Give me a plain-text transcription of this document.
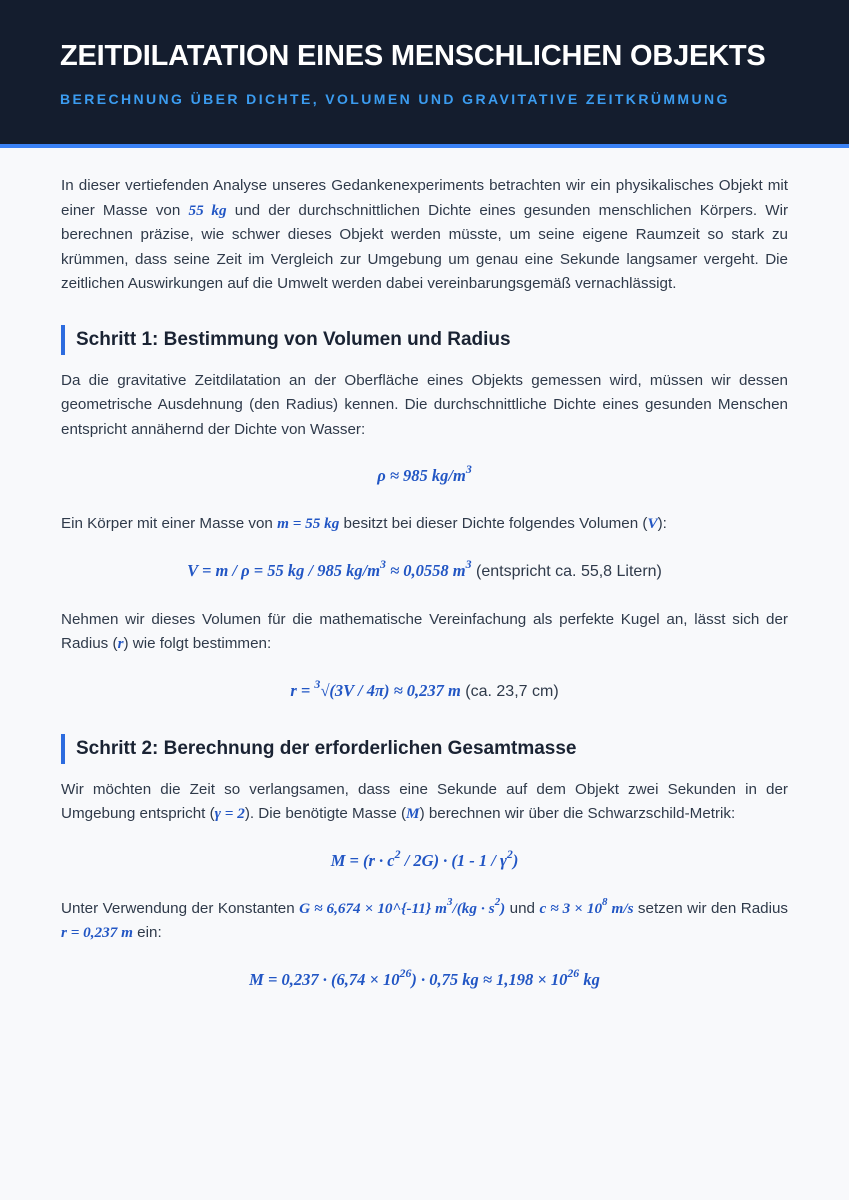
ZEITDILATATION EINES MENSCHLICHEN OBJEKTS
BERECHNUNG ÜBER DICHTE, VOLUMEN UND GRAVITATIVE ZEITKRÜMMUNG

In dieser vertiefenden Analyse unseres Gedankenexperiments betrachten wir ein physikalisches Objekt mit einer Masse von 55 kg und der durchschnittlichen Dichte eines gesunden menschlichen Körpers. Wir berechnen präzise, wie schwer dieses Objekt werden müsste, um seine eigene Raumzeit so stark zu krümmen, dass seine Zeit im Vergleich zur Umgebung um genau eine Sekunde langsamer vergeht. Die zeitlichen Auswirkungen auf die Umwelt werden dabei vereinbarungsgemäß vernachlässigt.

Schritt 1: Bestimmung von Volumen und Radius

Da die gravitative Zeitdilatation an der Oberfläche eines Objekts gemessen wird, müssen wir dessen geometrische Ausdehnung (den Radius) kennen. Die durchschnittliche Dichte eines gesunden Menschen entspricht annähernd der Dichte von Wasser:

ρ ≈ 985 $kg/m^3$

Ein Körper mit einer Masse von m = 55 kg besitzt bei dieser Dichte folgendes Volumen (V):

V = m / ρ = 55 kg / 985 $kg/m^3 \approx 0,0558$ $m^3$ (entspricht ca. 55,8 Litern)

Nehmen wir dieses Volumen für die mathematische Vereinfachung als perfekte Kugel an, lässt sich der Radius (r) wie folgt bestimmen:

r = $^3$√(3V / 4π) ≈ 0,237 m (ca. 23,7 cm)
Schritt 2: Berechnung der erforderlichen Gesamtmasse

Wir möchten die Zeit so verlangsamen, dass eine Sekunde auf dem Objekt zwei Sekunden in der Umgebung entspricht (γ = 2). Die benötigte Masse (M) berechnen wir über die Schwarzschild-Metrik:

$M = (r \cdot c^2 / 2G) \cdot (1 - 1 / \gamma^2)$

Unter Verwendung der Konstanten G ≈ 6,674 × 10^{-11} $m^3/(kg \cdot s^2)$ und $c \approx 3 \times 10^8$ m/s setzen wir den Radius r = 0,237 m ein:

$M = 0,237 \cdot (6,74 \times 10^{26}) \cdot 0,75$ kg ≈ $1,198 \times 10^{26}$ kg
